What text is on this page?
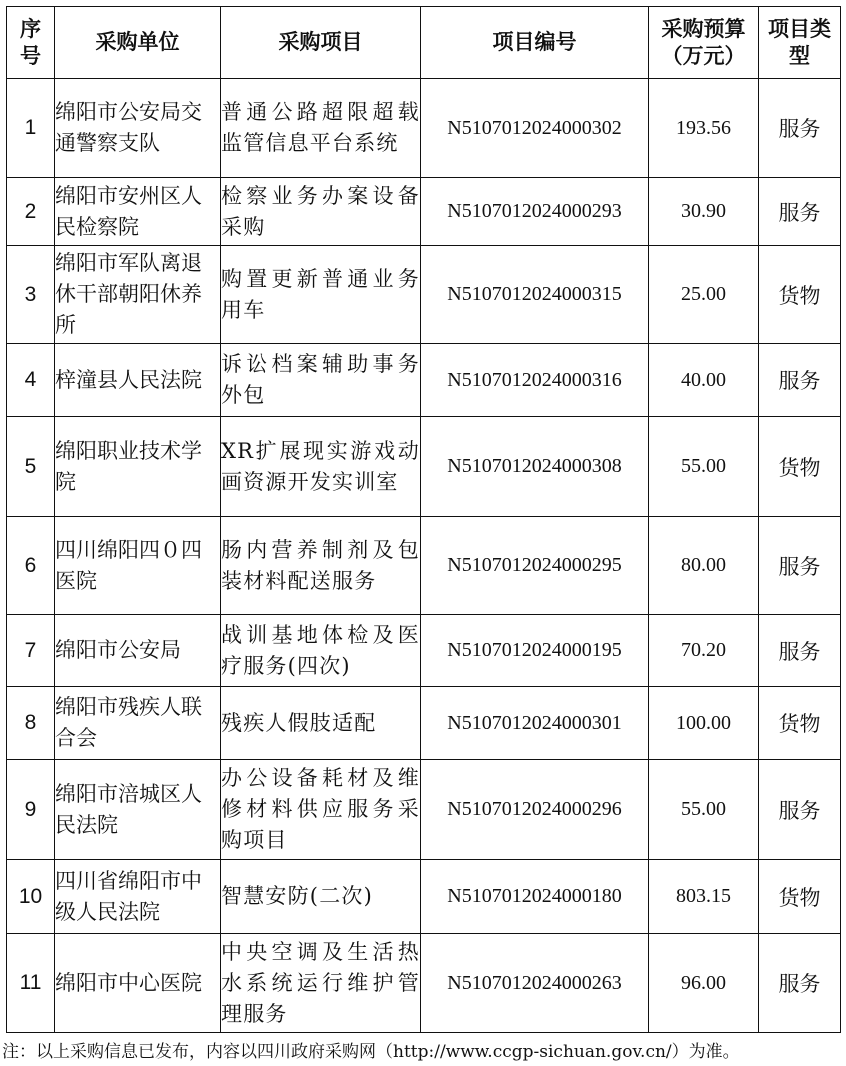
序号	采购单位	采购项目	项目编号	采购预算（万元）	项目类型
1	绵阳市公安局交通警察支队	普通公路超限超载监管信息平台系统	N5107012024000302	193.56	服务
2	绵阳市安州区人民检察院	检察业务办案设备采购	N5107012024000293	30.90	服务
3	绵阳市军队离退休干部朝阳休养所	购置更新普通业务用车	N5107012024000315	25.00	货物
4	梓潼县人民法院	诉讼档案辅助事务外包	N5107012024000316	40.00	服务
5	绵阳职业技术学院	XR扩展现实游戏动画资源开发实训室	N5107012024000308	55.00	货物
6	四川绵阳四０四医院	肠内营养制剂及包装材料配送服务	N5107012024000295	80.00	服务
7	绵阳市公安局	战训基地体检及医疗服务(四次)	N5107012024000195	70.20	服务
8	绵阳市残疾人联合会	残疾人假肢适配	N5107012024000301	100.00	货物
9	绵阳市涪城区人民法院	办公设备耗材及维修材料供应服务采购项目	N5107012024000296	55.00	服务
10	四川省绵阳市中级人民法院	智慧安防(二次)	N5107012024000180	803.15	货物
11	绵阳市中心医院	中央空调及生活热水系统运行维护管理服务	N5107012024000263	96.00	服务
注：以上采购信息已发布，内容以四川政府采购网（http://www.ccgp-sichuan.gov.cn/）为准。
